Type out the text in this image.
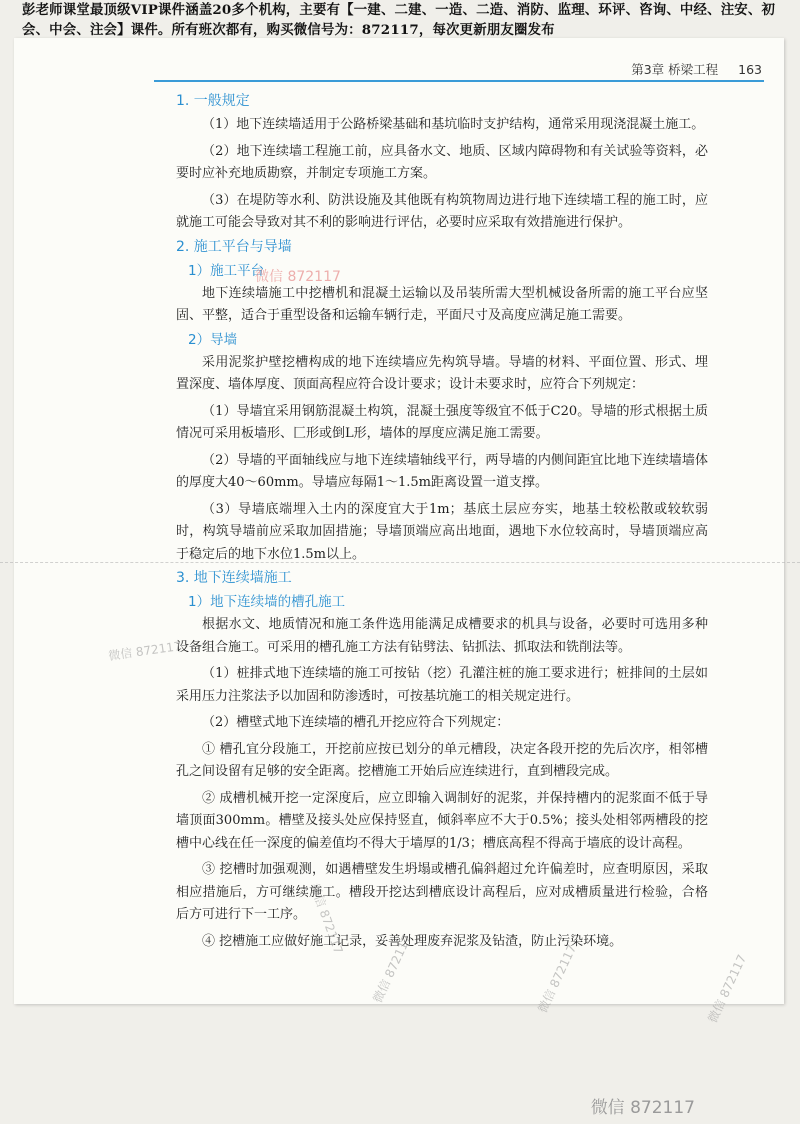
彭老师课堂最顶级VIP课件涵盖20多个机构，主要有【一建、二建、一造、二造、消防、监理、环评、咨询、中经、注安、初会、中会、注会】课件。所有班次都有，购买微信号为：872117，每次更新朋友圈发布
第3章 桥梁工程 163
1. 一般规定

（1）地下连续墙适用于公路桥梁基础和基坑临时支护结构，通常采用现浇混凝土施工。

（2）地下连续墙工程施工前，应具备水文、地质、区域内障碍物和有关试验等资料，必要时应补充地质勘察，并制定专项施工方案。

（3）在堤防等水利、防洪设施及其他既有构筑物周边进行地下连续墙工程的施工时，应就施工可能会导致对其不利的影响进行评估，必要时应采取有效措施进行保护。

2. 施工平台与导墙
1）施工平台

地下连续墙施工中挖槽机和混凝土运输以及吊装所需大型机械设备所需的施工平台应坚固、平整，适合于重型设备和运输车辆行走，平面尺寸及高度应满足施工需要。

2）导墙

采用泥浆护壁挖槽构成的地下连续墙应先构筑导墙。导墙的材料、平面位置、形式、埋置深度、墙体厚度、顶面高程应符合设计要求；设计未要求时，应符合下列规定：

（1）导墙宜采用钢筋混凝土构筑，混凝土强度等级宜不低于C20。导墙的形式根据土质情况可采用板墙形、匚形或倒L形，墙体的厚度应满足施工需要。

（2）导墙的平面轴线应与地下连续墙轴线平行，两导墙的内侧间距宜比地下连续墙墙体的厚度大40～60mm。导墙应每隔1～1.5m距离设置一道支撑。

（3）导墙底端埋入土内的深度宜大于1m；基底土层应夯实，地基土较松散或较软弱时，构筑导墙前应采取加固措施；导墙顶端应高出地面，遇地下水位较高时，导墙顶端应高于稳定后的地下水位1.5m以上。

3. 地下连续墙施工
1）地下连续墙的槽孔施工

根据水文、地质情况和施工条件选用能满足成槽要求的机具与设备，必要时可选用多种设备组合施工。可采用的槽孔施工方法有钻劈法、钻抓法、抓取法和铣削法等。

（1）桩排式地下连续墙的施工可按钻（挖）孔灌注桩的施工要求进行；桩排间的土层如采用压力注浆法予以加固和防渗透时，可按基坑施工的相关规定进行。

（2）槽壁式地下连续墙的槽孔开挖应符合下列规定：

① 槽孔宜分段施工，开挖前应按已划分的单元槽段，决定各段开挖的先后次序，相邻槽孔之间设留有足够的安全距离。挖槽施工开始后应连续进行，直到槽段完成。

② 成槽机械开挖一定深度后，应立即输入调制好的泥浆，并保持槽内的泥浆面不低于导墙顶面300mm。槽壁及接头处应保持竖直，倾斜率应不大于0.5%；接头处相邻两槽段的挖槽中心线在任一深度的偏差值均不得大于墙厚的1/3；槽底高程不得高于墙底的设计高程。

③ 挖槽时加强观测，如遇槽壁发生坍塌或槽孔偏斜超过允许偏差时，应查明原因，采取相应措施后，方可继续施工。槽段开挖达到槽底设计高程后，应对成槽质量进行检验，合格后方可进行下一工序。

④ 挖槽施工应做好施工记录，妥善处理废弃泥浆及钻渣，防止污染环境。

微信 872117
微信 872117
微信 872117
微信 872117	微信 872117	微信 872117
微信 872117
